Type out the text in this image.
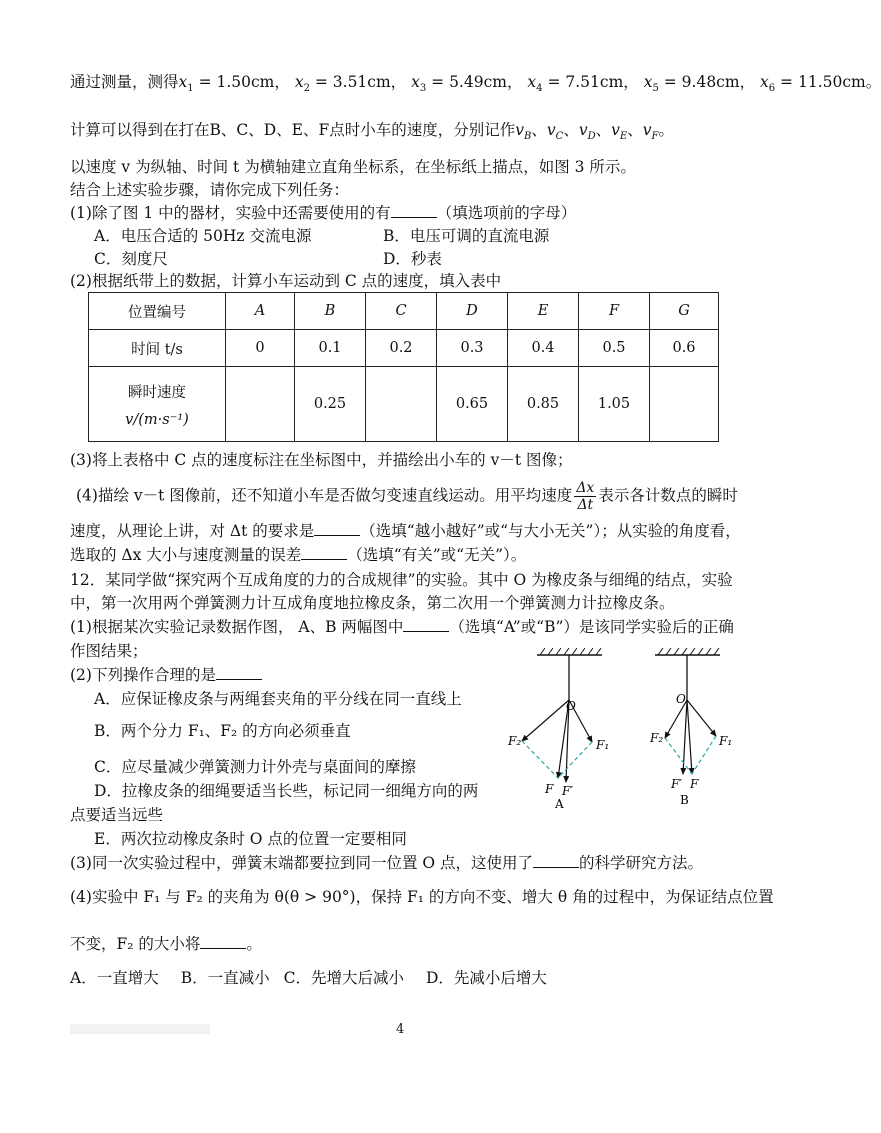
通过测量，测得$x_1 = 1.50cm$， $x_2 = 3.51cm$， $x_3 = 5.49cm$， $x_4 = 7.51cm$， $x_5 = 9.48cm$， $x_6 = 11.50cm$。
计算可以得到在打在B、C、D、E、F点时小车的速度，分别记作$v_B$、$v_C$、$v_D$、$v_E$、$v_F$。
以速度 v 为纵轴、时间 t 为横轴建立直角坐标系，在坐标纸上描点，如图 3 所示。
结合上述实验步骤，请你完成下列任务：
(1)除了图 1 中的器材，实验中还需要使用的有	（填选项前的字母）
A．电压合适的 50Hz 交流电源	B．电压可调的直流电源
C．刻度尺	D．秒表
(2)根据纸带上的数据，计算小车运动到 C 点的速度，填入表中
位置编号	A	B	C	D	E	F	G
时间 t/s	0	0.1	0.2	0.3	0.4	0.5	0.6

瞬时速度
v/(m·s⁻¹)		0.25		0.65	0.85	1.05	
(3)将上表格中 C 点的速度标注在坐标图中，并描绘出小车的 v－t 图像；
(4)描绘 v－t 图像前，还不知道小车是否做匀变速直线运动。用平均速度 $\frac{\Delta x}{\Delta t}$ 表示各计数点的瞬时
速度，从理论上讲，对 Δt 的要求是	（选填“越小越好”或“与大小无关”）；从实验的角度看，
选取的 Δx 大小与速度测量的误差	（选填“有关”或“无关”）。
12．某同学做“探究两个互成角度的力的合成规律”的实验。其中 O 为橡皮条与细绳的结点，实验
中，第一次用两个弹簧测力计互成角度地拉橡皮条，第二次用一个弹簧测力计拉橡皮条。
(1)根据某次实验记录数据作图， A、B 两幅图中	（选填“A”或“B”）是该同学实验后的正确
作图结果；
(2)下列操作合理的是
A．应保证橡皮条与两绳套夹角的平分线在同一直线上
B．两个分力 F₁、F₂ 的方向必须垂直
C．应尽量减少弹簧测力计外壳与桌面间的摩擦
D．拉橡皮条的细绳要适当长些，标记同一细绳方向的两
点要适当远些
E．两次拉动橡皮条时 O 点的位置一定要相同
(3)同一次实验过程中，弹簧末端都要拉到同一位置 O 点，这使用了	的科学研究方法。
(4)实验中 F₁ 与 F₂ 的夹角为 θ(θ > 90°)，保持 F₁ 的方向不变、增大 θ 角的过程中，为保证结点位置
不变，F₂ 的大小将	。
A．一直增大 B．一直减小 C．先增大后减小 D．先减小后增大
O
F₂	F₁
F F′
A
O
F₂	F₁
F′ F
B
4
